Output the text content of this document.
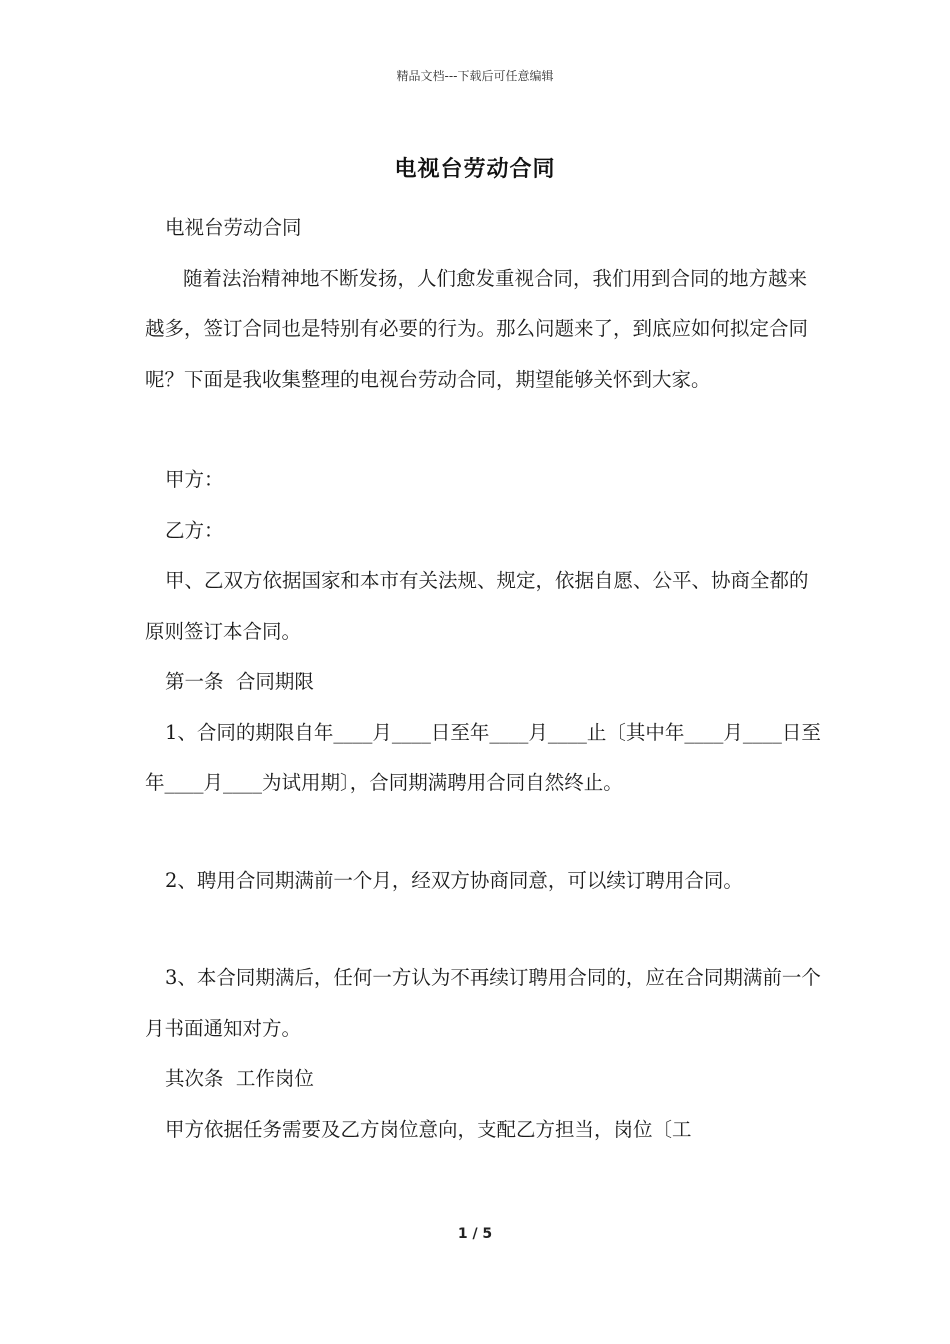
精品文档---下载后可任意编辑
电视台劳动合同

电视台劳动合同

随着法治精神地不断发扬，人们愈发重视合同，我们用到合同的地方越来越多，签订合同也是特别有必要的行为。那么问题来了，到底应如何拟定合同呢？下面是我收集整理的电视台劳动合同，期望能够关怀到大家。

甲方：

乙方：

甲、乙双方依据国家和本市有关法规、规定，依据自愿、公平、协商全都的原则签订本合同。

第一条  合同期限

1、合同的期限自年____月____日至年____月____止〔其中年____月____日至年____月____为试用期〕，合同期满聘用合同自然终止。

2、聘用合同期满前一个月，经双方协商同意，可以续订聘用合同。

3、本合同期满后，任何一方认为不再续订聘用合同的，应在合同期满前一个月书面通知对方。

其次条  工作岗位

甲方依据任务需要及乙方岗位意向，支配乙方担当，岗位〔工

1 / 5
